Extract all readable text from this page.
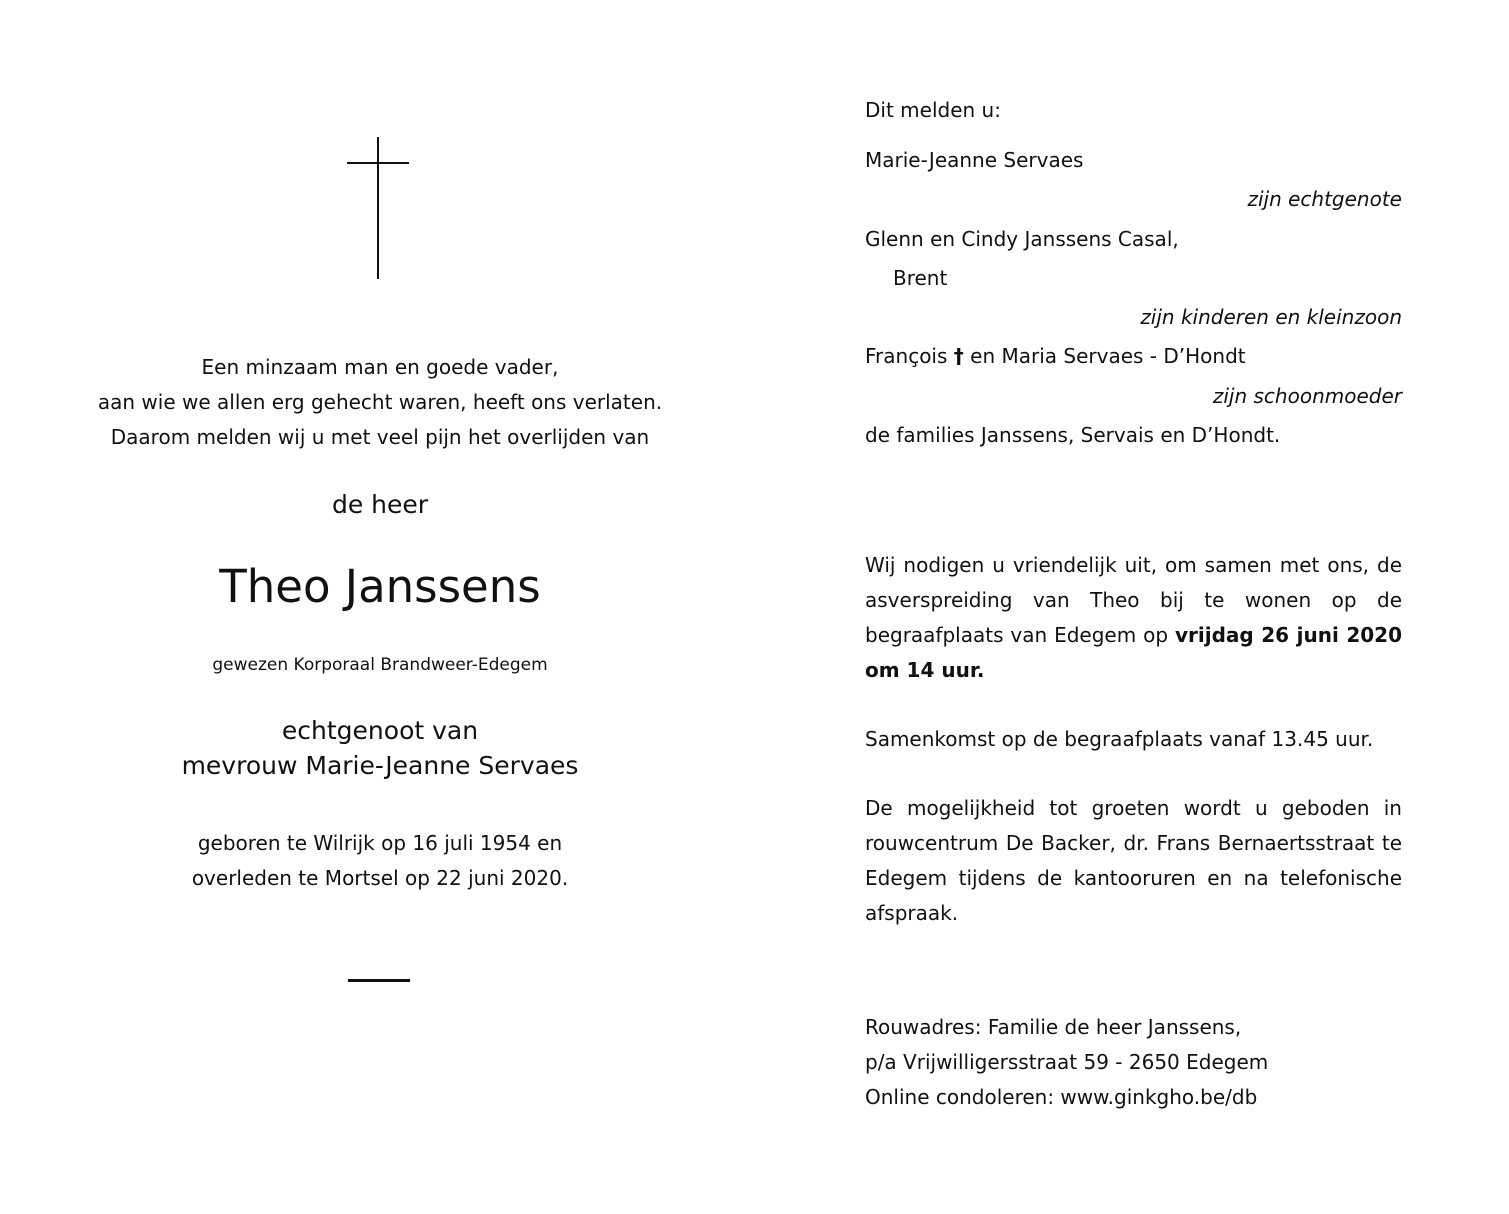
Een minzaam man en goede vader,
aan wie we allen erg gehecht waren, heeft ons verlaten.
Daarom melden wij u met veel pijn het overlijden van
de heer
Theo Janssens
gewezen Korporaal Brandweer-Edegem
echtgenoot van
mevrouw Marie-Jeanne Servaes
geboren te Wilrijk op 16 juli 1954 en
overleden te Mortsel op 22 juni 2020.
Dit melden u:
Marie-Jeanne Servaes
zijn echtgenote
Glenn en Cindy Janssens Casal,
Brent
zijn kinderen en kleinzoon
François † en Maria Servaes - D’Hondt
zijn schoonmoeder
de families Janssens, Servais en D’Hondt.
Wij nodigen u vriendelijk uit, om samen met ons, de asverspreiding van Theo bij te wonen op de begraafplaats van Edegem op vrijdag 26 juni 2020 om 14 uur.
Samenkomst op de begraafplaats vanaf 13.45 uur.
De mogelijkheid tot groeten wordt u geboden in rouwcentrum De Backer, dr. Frans Bernaertsstraat te Edegem tijdens de kantooruren en na telefonische afspraak.
Rouwadres: Familie de heer Janssens,
p/a Vrijwilligersstraat 59 - 2650 Edegem
Online condoleren: www.ginkgho.be/db
